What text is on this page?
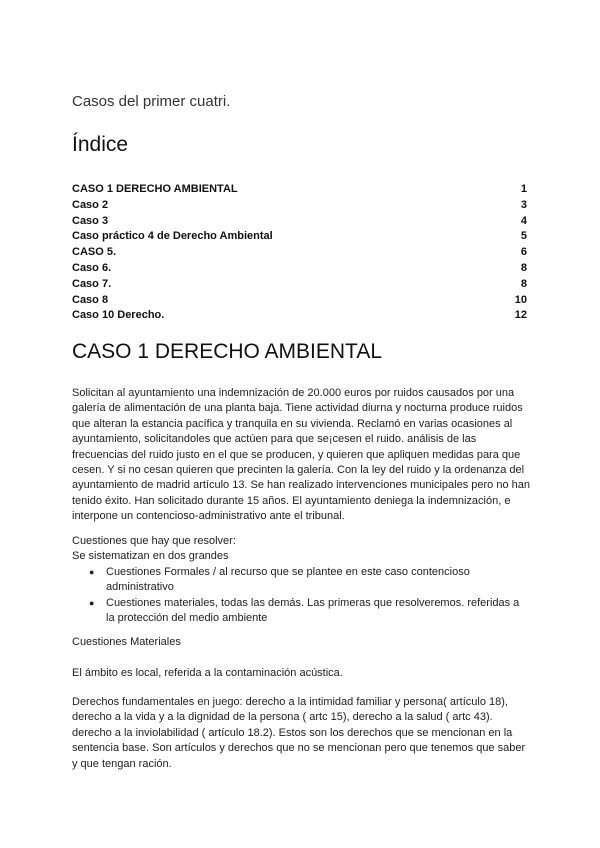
Casos del primer cuatri.

Índice
CASO 1 DERECHO AMBIENTAL	1
Caso 2	3
Caso 3	4
Caso práctico 4 de Derecho Ambiental	5
CASO 5.	6
Caso 6.	8
Caso 7.	8
Caso 8	10
Caso 10 Derecho.	12
CASO 1 DERECHO AMBIENTAL

Solicitan al ayuntamiento una indemnización de 20.000 euros por ruidos causados por una galería de alimentación de una planta baja. Tiene actividad diurna y nocturna produce ruidos que alteran la estancia pacífica y tranquila en su vivienda. Reclamó en varias ocasiones al ayuntamiento, solicitandoles que actúen para que se¡cesen el ruido. análisis de las frecuencias del ruido justo en el que se producen, y quieren que apliquen medidas para que cesen. Y si no cesan quieren que precinten la galería. Con la ley del ruido y la ordenanza del ayuntamiento de madrid artículo 13. Se han realizado intervenciones municipales pero no han tenido éxito. Han solicitado durante 15 años. El ayuntamiento deniega la indemnización, e interpone un contencioso-administrativo ante el tribunal.

Cuestiones que hay que resolver:

Se sistematizan en dos grandes

● Cuestiones Formales / al recurso que se plantee en este caso contencioso administrativo
● Cuestiones materiales, todas las demás. Las primeras que resolveremos. referidas a la protección del medio ambiente

Cuestiones Materiales

El ámbito es local, referida a la contaminación acústica.

Derechos fundamentales en juego: derecho a la intimidad familiar y persona( artículo 18), derecho a la vida y a la dignidad de la persona ( artc 15), derecho a la salud ( artc 43). derecho a la inviolabilidad ( artículo 18.2). Estos son los derechos que se mencionan en la sentencia base. Son artículos y derechos que no se mencionan pero que tenemos que saber y que tengan ración.
